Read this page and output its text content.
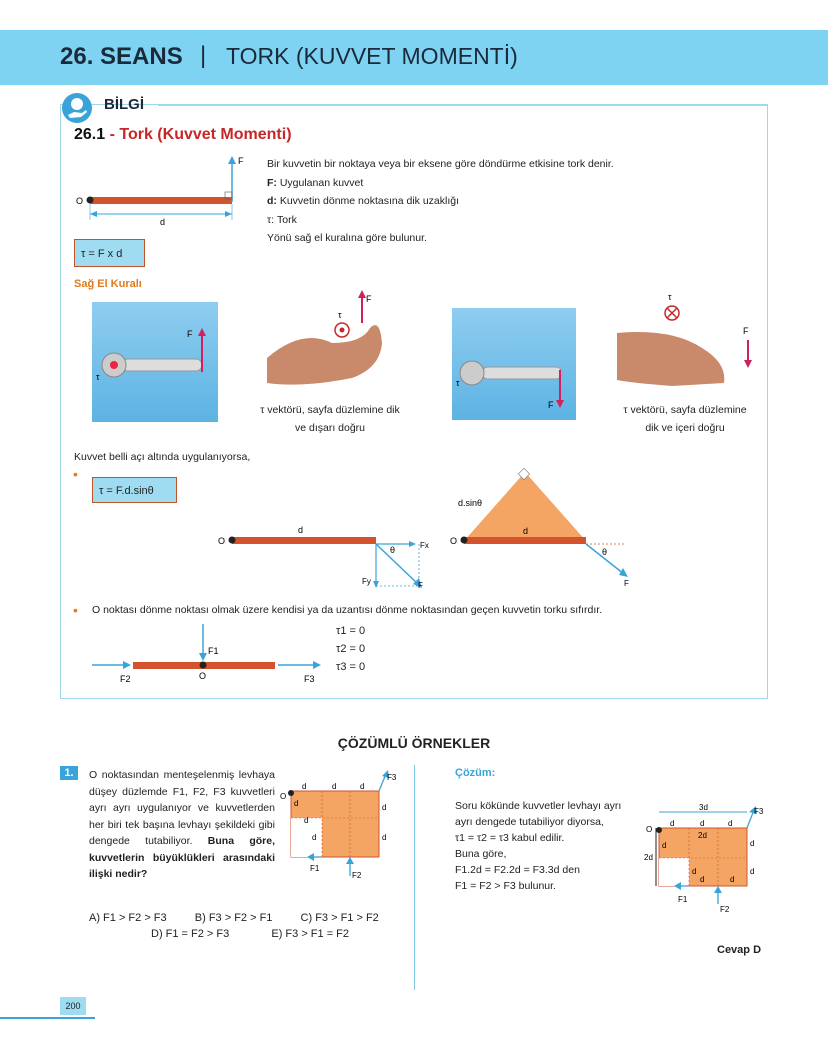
26. SEANS | TORK (KUVVET MOMENTİ)
BİLGİ
26.1 - Tork (Kuvvet Momenti)
O
d
F
τ = F x d
Bir kuvvetin bir noktaya veya bir eksene göre döndürme etkisine tork denir.
F: Uygulanan kuvvet
d: Kuvvetin dönme noktasına dik uzaklığı
τ: Tork
Yönü sağ el kuralına göre bulunur.
Sağ El Kuralı
F
τ
τ
F
τ vektörü, sayfa düzlemine dik
ve dışarı doğru
F
τ
τ
F
τ vektörü, sayfa düzlemine
dik ve içeri doğru
Kuvvet belli açı altında uygulanıyorsa,
•
τ = F.d.sinθ
O
d
θ	Fx
Fy	F
O
d
d.sinθ
θ
F
• O noktası dönme noktası olmak üzere kendisi ya da uzantısı dönme noktasından geçen kuvvetin torku sıfırdır.
F1
F2	O	F3
τ1 = 0
τ2 = 0
τ3 = 0
ÇÖZÜMLÜ ÖRNEKLER
1.	O noktasından menteşelenmiş levhaya düşey düzlemde F1, F2, F3 kuvvetleri ayrı ayrı uygulanıyor ve kuvvetlerden her biri tek başına levhayı şekildeki gibi dengede tutabiliyor. Buna göre, kuvvetlerin büyüklükleri arasındaki ilişki nedir?
O
d	d	d
d	d
d
d
d
F3
F1
F2
A) F1 > F2 > F3	B) F3 > F2 > F1	C) F3 > F1 > F2
D) F1 = F2 > F3	E) F3 > F1 = F2
Çözüm:
Soru kökünde kuvvetler levhayı ayrı
ayrı dengede tutabiliyor diyorsa,
τ1 = τ2 = τ3 kabul edilir.
Buna göre,
F1.2d = F2.2d = F3.3d den
F1 = F2 > F3 bulunur.
3d
2d
2d
O
d	d	d
d	d
d
d
d
d
F3
F1
F2
Cevap D
200
